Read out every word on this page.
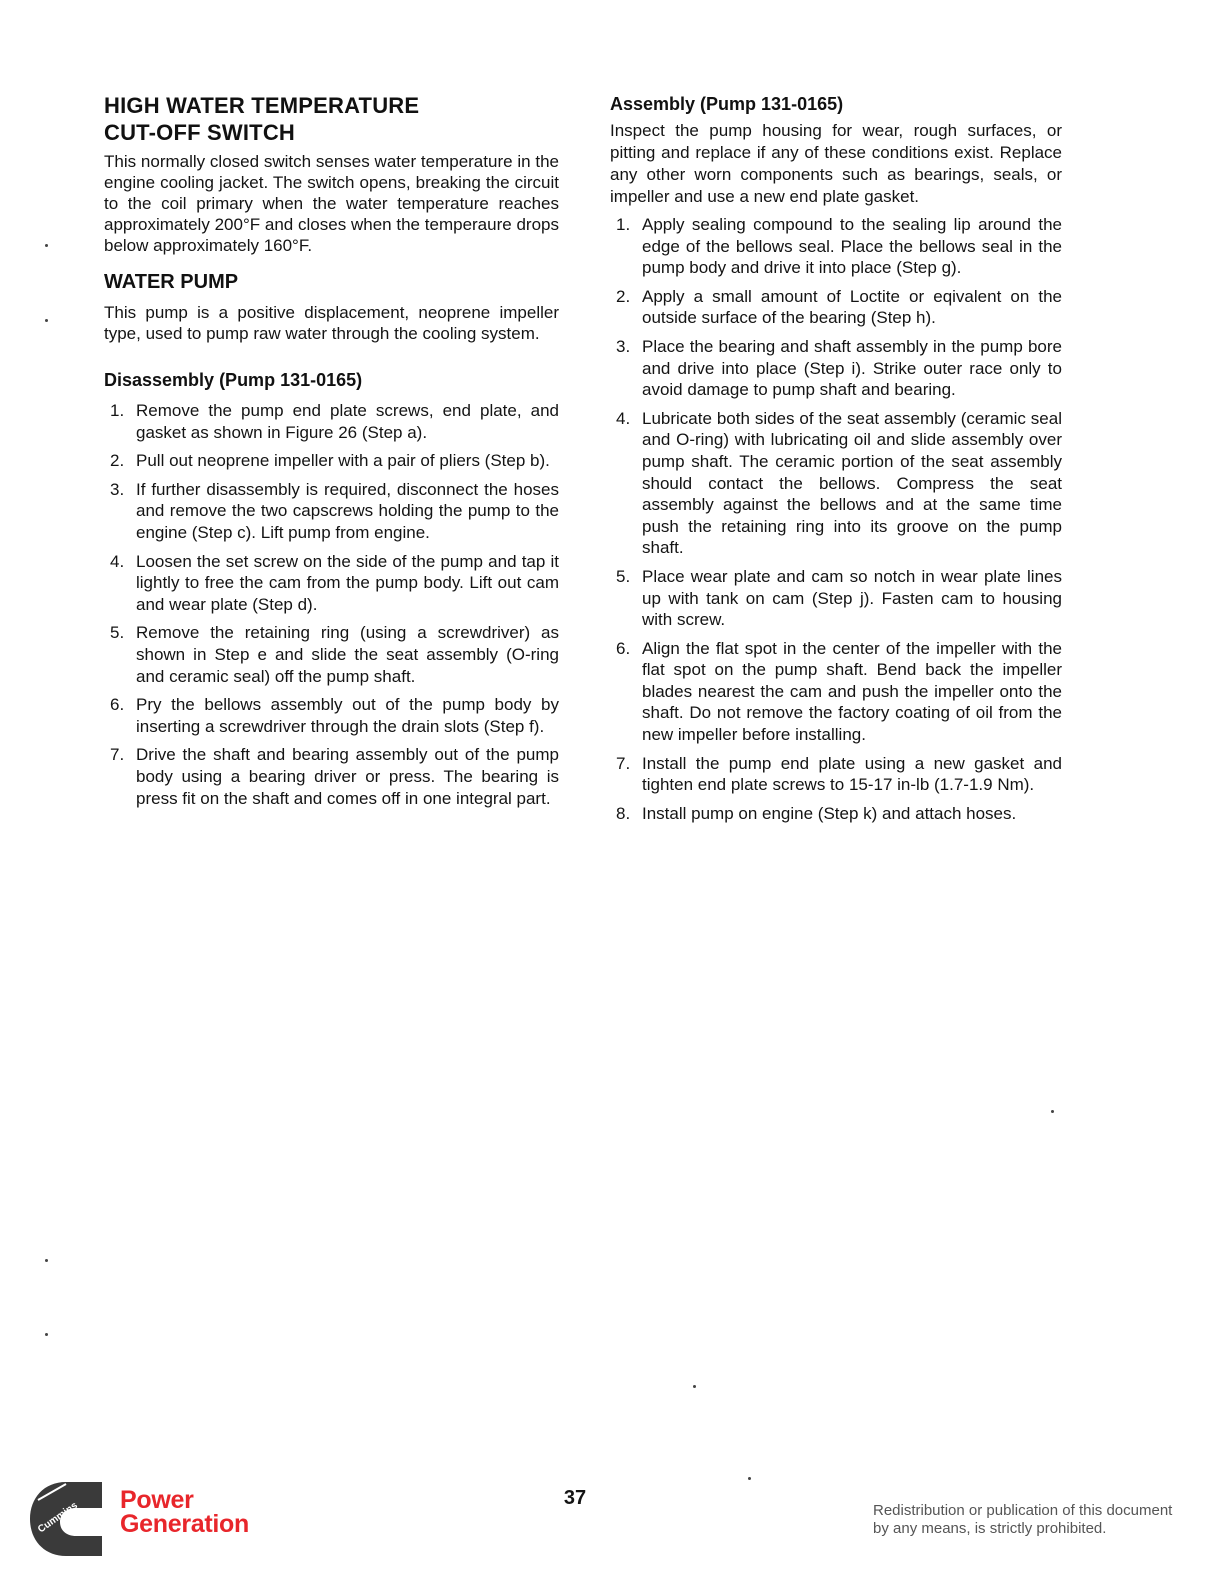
HIGH WATER TEMPERATURE
CUT-OFF SWITCH

This normally closed switch senses water temperature in the engine cooling jacket. The switch opens, breaking the circuit to the coil primary when the water temperature reaches approximately 200°F and closes when the temperaure drops below approximately 160°F.

WATER PUMP

This pump is a positive displacement, neoprene impeller type, used to pump raw water through the cooling system.

Disassembly (Pump 131-0165)
1. Remove the pump end plate screws, end plate, and gasket as shown in Figure 26 (Step a).
2. Pull out neoprene impeller with a pair of pliers (Step b).
3. If further disassembly is required, disconnect the hoses and remove the two capscrews holding the pump to the engine (Step c). Lift pump from engine.
4. Loosen the set screw on the side of the pump and tap it lightly to free the cam from the pump body. Lift out cam and wear plate (Step d).
5. Remove the retaining ring (using a screwdriver) as shown in Step e and slide the seat assembly (O-ring and ceramic seal) off the pump shaft.
6. Pry the bellows assembly out of the pump body by inserting a screwdriver through the drain slots (Step f).
7. Drive the shaft and bearing assembly out of the pump body using a bearing driver or press. The bearing is press fit on the shaft and comes off in one integral part.
Assembly (Pump 131-0165)

Inspect the pump housing for wear, rough surfaces, or pitting and replace if any of these conditions exist. Replace any other worn components such as bearings, seals, or impeller and use a new end plate gasket.

1. Apply sealing compound to the sealing lip around the edge of the bellows seal. Place the bellows seal in the pump body and drive it into place (Step g).
2. Apply a small amount of Loctite or eqivalent on the outside surface of the bearing (Step h).
3. Place the bearing and shaft assembly in the pump bore and drive into place (Step i). Strike outer race only to avoid damage to pump shaft and bearing.
4. Lubricate both sides of the seat assembly (ceramic seal and O-ring) with lubricating oil and slide assembly over pump shaft. The ceramic portion of the seat assembly should contact the bellows. Compress the seat assembly against the bellows and at the same time push the retaining ring into its groove on the pump shaft.
5. Place wear plate and cam so notch in wear plate lines up with tank on cam (Step j). Fasten cam to housing with screw.
6. Align the flat spot in the center of the impeller with the flat spot on the pump shaft. Bend back the impeller blades nearest the cam and push the impeller onto the shaft. Do not remove the factory coating of oil from the new impeller before installing.
7. Install the pump end plate using a new gasket and tighten end plate screws to 15-17 in-lb (1.7-1.9 Nm).
8. Install pump on engine (Step k) and attach hoses.
Cummins
Power
Generation
37
Redistribution or publication of this document
by any means, is strictly prohibited.
